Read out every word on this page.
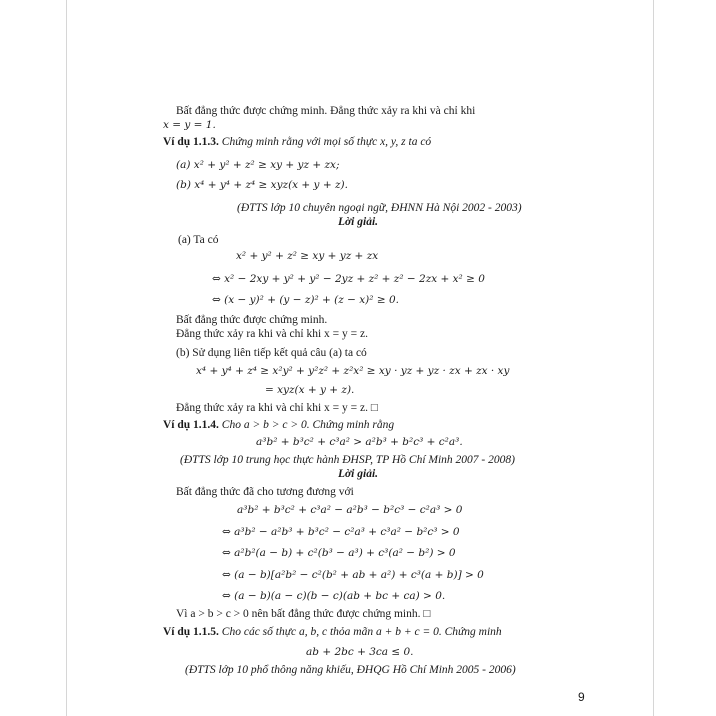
Bất đẳng thức được chứng minh. Đẳng thức xảy ra khi và chỉ khi
x = y = 1.
Ví dụ 1.1.3. Chứng minh rằng với mọi số thực x, y, z ta có
(a) x² + y² + z² ≥ xy + yz + zx;
(b) x⁴ + y⁴ + z⁴ ≥ xyz(x + y + z).
(ĐTTS lớp 10 chuyên ngoại ngữ, ĐHNN Hà Nội 2002 - 2003)
Lời giải.
(a) Ta có
x² + y² + z² ≥ xy + yz + zx
⇔ x² − 2xy + y² + y² − 2yz + z² + z² − 2zx + x² ≥ 0
⇔ (x − y)² + (y − z)² + (z − x)² ≥ 0.
Bất đẳng thức được chứng minh.
Đẳng thức xảy ra khi và chỉ khi x = y = z.
(b) Sử dụng liên tiếp kết quả câu (a) ta có
x⁴ + y⁴ + z⁴ ≥ x²y² + y²z² + z²x² ≥ xy · yz + yz · zx + zx · xy
= xyz(x + y + z).
Đẳng thức xảy ra khi và chỉ khi x = y = z. □
Ví dụ 1.1.4. Cho a > b > c > 0. Chứng minh rằng
a³b² + b³c² + c³a² > a²b³ + b²c³ + c²a³.
(ĐTTS lớp 10 trung học thực hành ĐHSP, TP Hồ Chí Minh 2007 - 2008)
Lời giải.
Bất đẳng thức đã cho tương đương với
a³b² + b³c² + c³a² − a²b³ − b²c³ − c²a³ > 0
⇔ a³b² − a²b³ + b³c² − c²a³ + c³a² − b²c³ > 0
⇔ a²b²(a − b) + c²(b³ − a³) + c³(a² − b²) > 0
⇔ (a − b)[a²b² − c²(b² + ab + a²) + c³(a + b)] > 0
⇔ (a − b)(a − c)(b − c)(ab + bc + ca) > 0.
Vì a > b > c > 0 nên bất đẳng thức được chứng minh. □
Ví dụ 1.1.5. Cho các số thực a, b, c thỏa mãn a + b + c = 0. Chứng minh
ab + 2bc + 3ca ≤ 0.
(ĐTTS lớp 10 phổ thông năng khiếu, ĐHQG Hồ Chí Minh 2005 - 2006)
9
